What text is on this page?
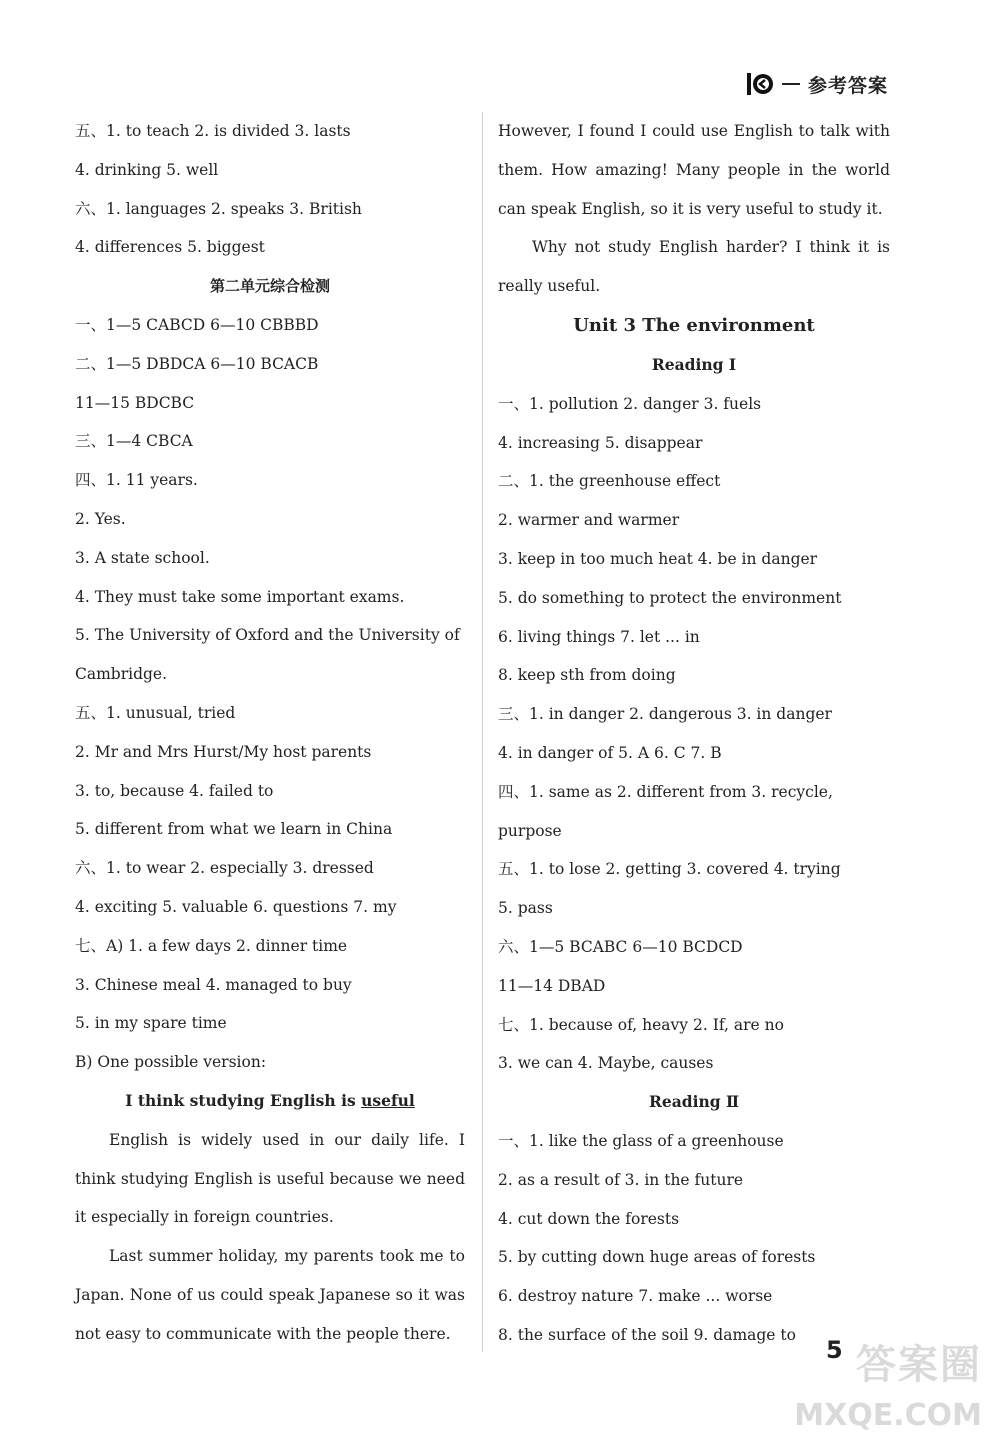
参考答案
五、1. to teach 2. is divided 3. lasts
4. drinking 5. well
六、1. languages 2. speaks 3. British
4. differences 5. biggest
第二单元综合检测
一、1—5 CABCD 6—10 CBBBD
二、1—5 DBDCA 6—10 BCACB
11—15 BDCBC
三、1—4 CBCA
四、1. 11 years.
2. Yes.
3. A state school.
4. They must take some important exams.
5. The University of Oxford and the University of
Cambridge.
五、1. unusual, tried
2. Mr and Mrs Hurst/My host parents
3. to, because 4. failed to
5. different from what we learn in China
六、1. to wear 2. especially 3. dressed
4. exciting 5. valuable 6. questions 7. my
七、A) 1. a few days 2. dinner time
3. Chinese meal 4. managed to buy
5. in my spare time
B) One possible version:
I think studying English is useful
English is widely used in our daily life. I think studying English is useful because we need it especially in foreign countries.
Last summer holiday, my parents took me to Japan. None of us could speak Japanese so it was not easy to communicate with the people there.
However, I found I could use English to talk with them. How amazing! Many people in the world can speak English, so it is very useful to study it.
Why not study English harder? I think it is really useful.
Unit 3 The environment
Reading Ⅰ
一、1. pollution 2. danger 3. fuels
4. increasing 5. disappear
二、1. the greenhouse effect
2. warmer and warmer
3. keep in too much heat 4. be in danger
5. do something to protect the environment
6. living things 7. let ... in
8. keep sth from doing
三、1. in danger 2. dangerous 3. in danger
4. in danger of 5. A 6. C 7. B
四、1. same as 2. different from 3. recycle,
purpose
五、1. to lose 2. getting 3. covered 4. trying
5. pass
六、1—5 BCABC 6—10 BCDCD
11—14 DBAD
七、1. because of, heavy 2. If, are no
3. we can 4. Maybe, causes
Reading Ⅱ
一、1. like the glass of a greenhouse
2. as a result of 3. in the future
4. cut down the forests
5. by cutting down huge areas of forests
6. destroy nature 7. make ... worse
8. the surface of the soil 9. damage to
5 答案圈
MXQE.COM
